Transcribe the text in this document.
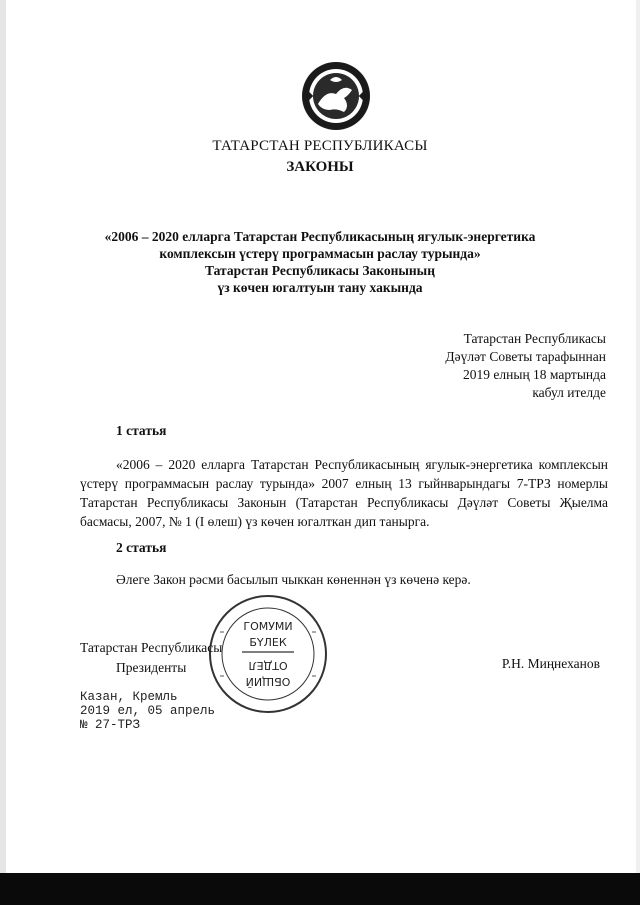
ТАТАРСТАН РЕСПУБЛИКАСЫ
ЗАКОНЫ
«2006 – 2020 елларга Татарстан Республикасының ягулык-энергетика
комплексын үстерү программасын раслау турында»
Татарстан Республикасы Законының
үз көчен югалтуын тану хакында
Татарстан Республикасы
Дәүләт Советы тарафыннан
2019 елның 18 мартында
кабул ителде
1 статья
«2006 – 2020 елларга Татарстан Республикасының ягулык-энергетика комплексын үстерү программасын раслау турында» 2007 елның 13 гыйнварындагы 7-ТРЗ номерлы Татарстан Республикасы Законын (Татарстан Республикасы Дәүләт Советы Җыелма басмасы, 2007, № 1 (I өлеш) үз көчен югалткан дип танырга.
2 статья
Әлеге Закон рәсми басылып чыккан көненнән үз көченә керә.
ГОМУМИ
БҮЛЕК
ОБЩИЙ
ОТДЕЛ
Татарстан Республикасы
Президенты	Р.Н. Миңнеханов
Казан, Кремль
2019 ел, 05 апрель
№ 27-ТРЗ
